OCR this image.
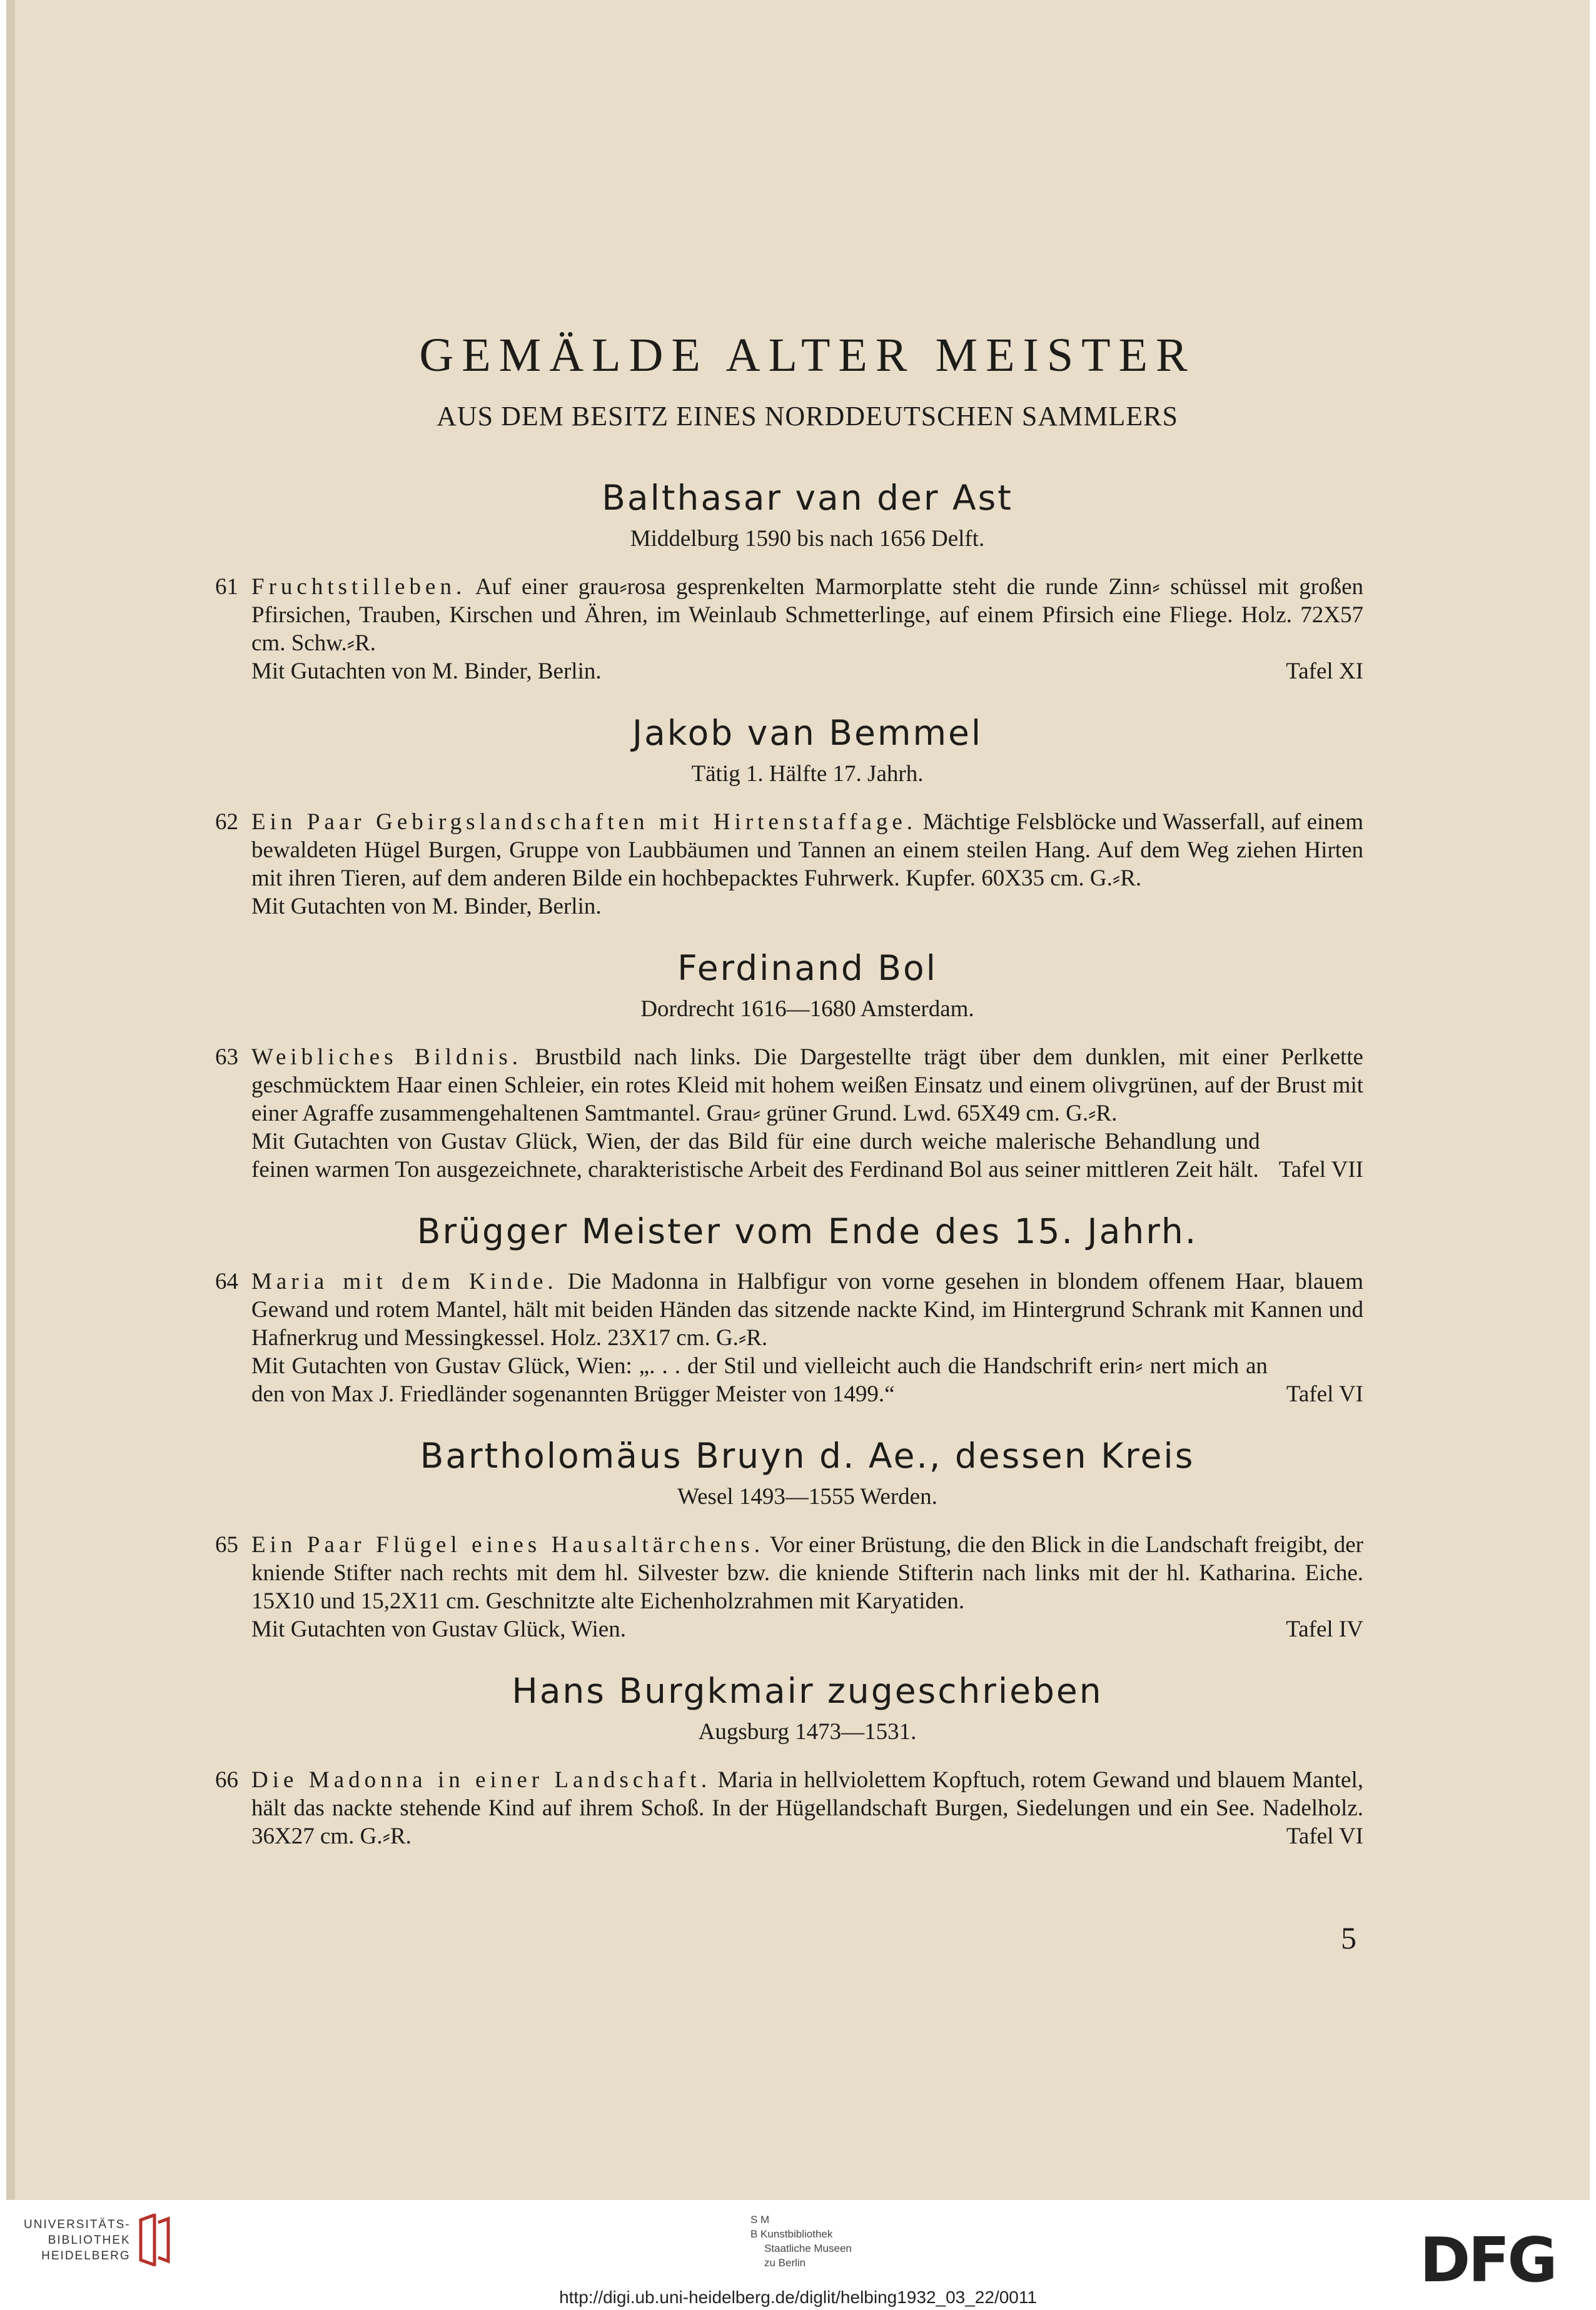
GEMÄLDE ALTER MEISTER
AUS DEM BESITZ EINES NORDDEUTSCHEN SAMMLERS
Balthasar van der Ast
Middelburg 1590 bis nach 1656 Delft.
61 Fruchtstilleben. Auf einer grau⸗rosa gesprenkelten Marmorplatte steht die runde Zinn⸗ schüssel mit großen Pfirsichen, Trauben, Kirschen und Ähren, im Weinlaub Schmetterlinge, auf einem Pfirsich eine Fliege. Holz. 72X57 cm. Schw.⸗R.
Mit Gutachten von M. Binder, Berlin.	Tafel XI
Jakob van Bemmel
Tätig 1. Hälfte 17. Jahrh.
62 Ein Paar Gebirgslandschaften mit Hirtenstaffage. Mächtige Felsblöcke und Wasserfall, auf einem bewaldeten Hügel Burgen, Gruppe von Laubbäumen und Tannen an einem steilen Hang. Auf dem Weg ziehen Hirten mit ihren Tieren, auf dem anderen Bilde ein hochbepacktes Fuhrwerk. Kupfer. 60X35 cm. G.⸗R.
Mit Gutachten von M. Binder, Berlin.
Ferdinand Bol
Dordrecht 1616—1680 Amsterdam.
63 Weibliches Bildnis. Brustbild nach links. Die Dargestellte trägt über dem dunklen, mit einer Perlkette geschmücktem Haar einen Schleier, ein rotes Kleid mit hohem weißen Einsatz und einem olivgrünen, auf der Brust mit einer Agraffe zusammengehaltenen Samtmantel. Grau⸗ grüner Grund. Lwd. 65X49 cm. G.⸗R.
Mit Gutachten von Gustav Glück, Wien, der das Bild für eine durch weiche malerische Behandlung und feinen warmen Ton ausgezeichnete, charakteristische Arbeit des Ferdinand Bol aus seiner mittleren Zeit hält. Tafel VII
Brügger Meister vom Ende des 15. Jahrh.
64 Maria mit dem Kinde. Die Madonna in Halbfigur von vorne gesehen in blondem offenem Haar, blauem Gewand und rotem Mantel, hält mit beiden Händen das sitzende nackte Kind, im Hintergrund Schrank mit Kannen und Hafnerkrug und Messingkessel. Holz. 23X17 cm. G.⸗R.
Mit Gutachten von Gustav Glück, Wien: „. . . der Stil und vielleicht auch die Handschrift erin⸗ nert mich an den von Max J. Friedländer sogenannten Brügger Meister von 1499.“	Tafel VI
Bartholomäus Bruyn d. Ae., dessen Kreis
Wesel 1493—1555 Werden.
65 Ein Paar Flügel eines Hausaltärchens. Vor einer Brüstung, die den Blick in die Landschaft freigibt, der kniende Stifter nach rechts mit dem hl. Silvester bzw. die kniende Stifterin nach links mit der hl. Katharina. Eiche. 15X10 und 15,2X11 cm. Geschnitzte alte Eichenholzrahmen mit Karyatiden.
Mit Gutachten von Gustav Glück, Wien.	Tafel IV
Hans Burgkmair zugeschrieben
Augsburg 1473—1531.
66 Die Madonna in einer Landschaft. Maria in hellviolettem Kopftuch, rotem Gewand und blauem Mantel, hält das nackte stehende Kind auf ihrem Schoß. In der Hügellandschaft Burgen, Siedelungen und ein See. Nadelholz. 36X27 cm. G.⸗R.	Tafel VI
5
UNIVERSITÄTS-
BIBLIOTHEK
HEIDELBERG
S M
B Kunstbibliothek
Staatliche Museen
zu Berlin	DFG
http://digi.ub.uni-heidelberg.de/diglit/helbing1932_03_22/0011
